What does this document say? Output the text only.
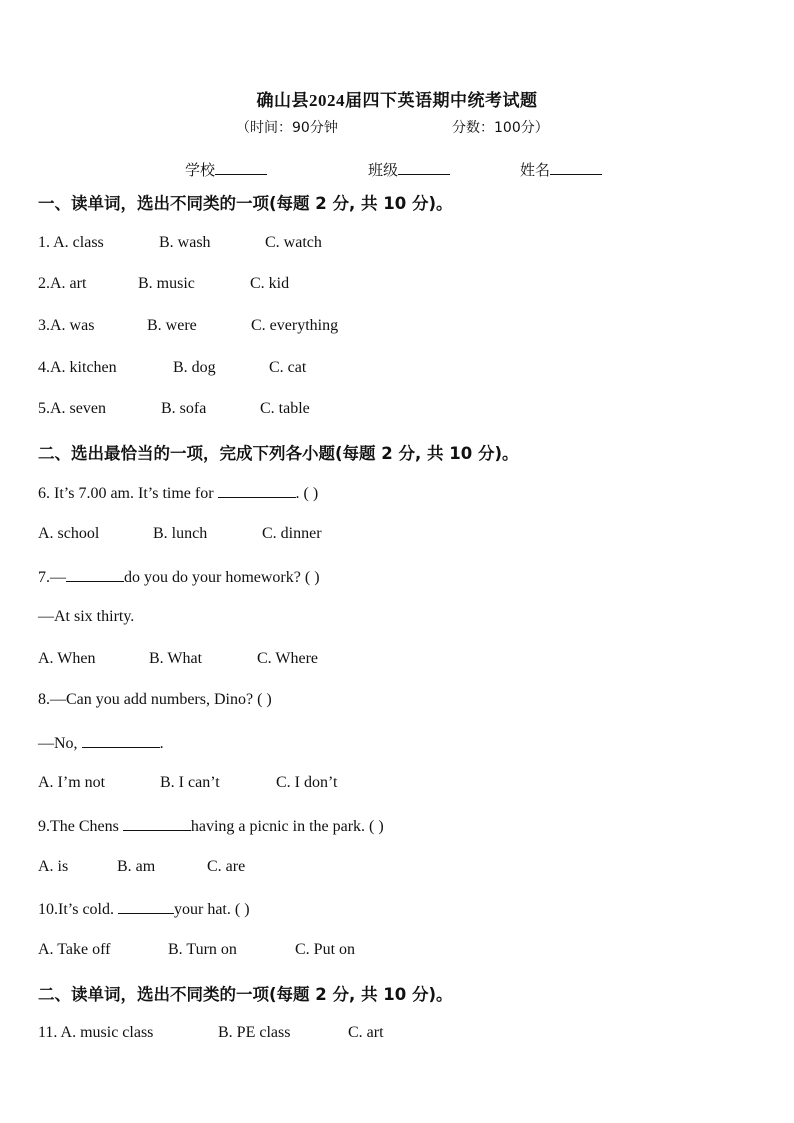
确山县2024届四下英语期中统考试题
（时间：90分钟	分数：100分）
学校	班级	姓名
一、读单词，选出不同类的一项(每题 2 分, 共 10 分)。
1. A. class	B. wash	C. watch
2.A. art	B. music	C. kid
3.A. was	B. were	C. everything
4.A. kitchen	B. dog	C. cat
5.A. seven	B. sofa	C. table
二、选出最恰当的一项，完成下列各小题(每题 2 分, 共 10 分)。
6. It’s 7.00 am. It’s time for	. ( )
A. school	B. lunch	C. dinner
7.—	do you do your homework? ( )
—At six thirty.
A. When	B. What	C. Where
8.—Can you add numbers, Dino? ( )
—No,	.
A. I’m not	B. I can’t	C. I don’t
9.The Chens	having a picnic in the park. ( )
A. is	B. am	C. are
10.It’s cold.	your hat. ( )
A. Take off	B. Turn on	C. Put on
二、读单词，选出不同类的一项(每题 2 分, 共 10 分)。
11. A. music class	B. PE class	C. art
